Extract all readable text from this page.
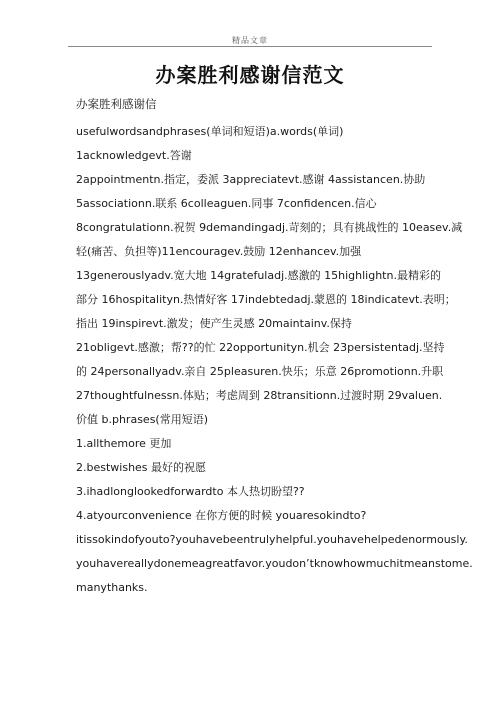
精品文章
办案胜利感谢信范文
办案胜利感谢信
usefulwordsandphrases(单词和短语)a.words(单词)
1acknowledgevt.答谢
2appointmentn.指定，委派 3appreciatevt.感谢 4assistancen.协助
5associationn.联系 6colleaguen.同事 7confidencen.信心
8congratulationn.祝贺 9demandingadj.苛刻的；具有挑战性的 10easev.减
轻(痛苦、负担等)11encouragev.鼓励 12enhancev.加强
13generouslyadv.宽大地 14gratefuladj.感激的 15highlightn.最精彩的
部分 16hospitalityn.热情好客 17indebtedadj.蒙恩的 18indicatevt.表明；
指出 19inspirevt.激发；使产生灵感 20maintainv.保持
21obligevt.感激；帮??的忙 22opportunityn.机会 23persistentadj.坚持
的 24personallyadv.亲自 25pleasuren.快乐；乐意 26promotionn.升职
27thoughtfulnessn.体贴；考虑周到 28transitionn.过渡时期 29valuen.
价值 b.phrases(常用短语)
1.allthemore 更加
2.bestwishes 最好的祝愿
3.ihadlonglookedforwardto 本人热切盼望??
4.atyourconvenience 在你方便的时候 youaresokindto?
itissokindofyouto?youhavebeentrulyhelpful.youhavehelpedenormously.
youhavereallydonemeagreatfavor.youdon’tknowhowmuchitmeanstome.
manythanks.
